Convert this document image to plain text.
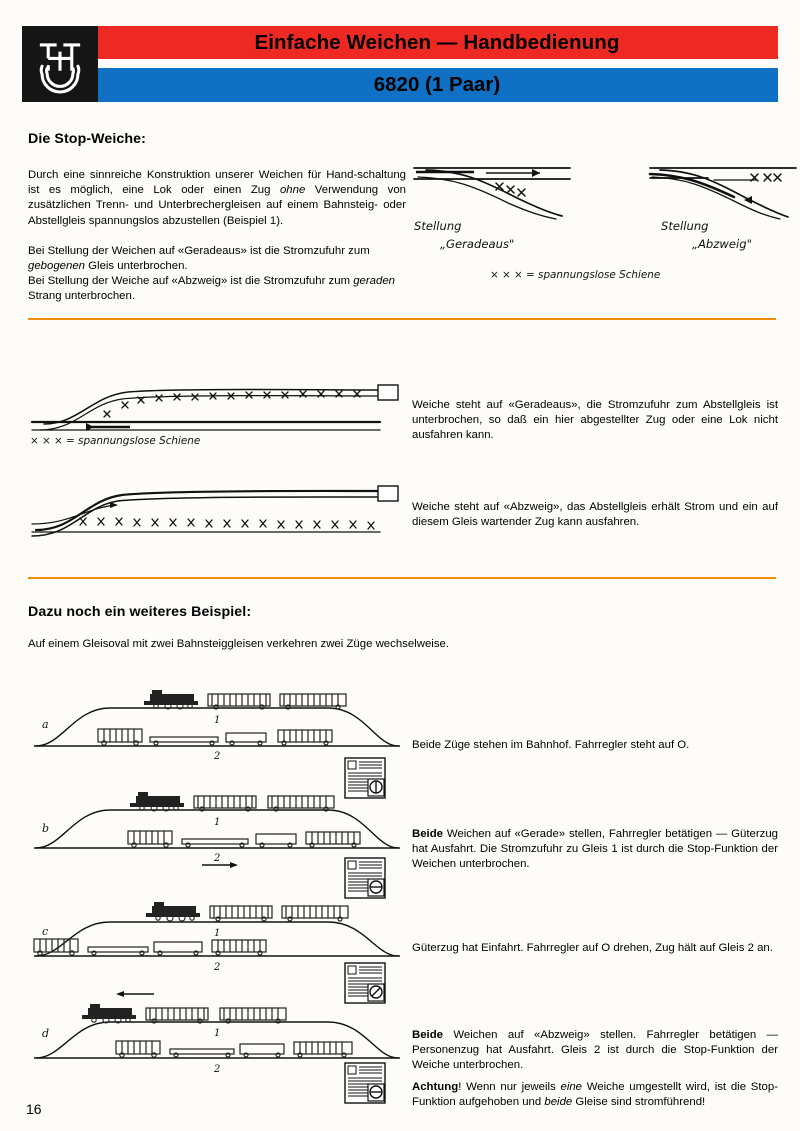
Einfache Weichen — Handbedienung
6820 (1 Paar)
Die Stop-Weiche:
Durch eine sinnreiche Konstruktion unserer Weichen für Hand-schaltung ist es möglich, eine Lok oder einen Zug ohne Verwendung von zusätzlichen Trenn- und Unterbrechergleisen auf einem Bahnsteig- oder Abstellgleis spannungslos abzustellen (Beispiel 1).
Bei Stellung der Weichen auf «Geradeaus» ist die Stromzufuhr zum gebogenen Gleis unterbrochen.
Bei Stellung der Weiche auf «Abzweig» ist die Stromzufuhr zum geraden Strang unterbrochen.
Stellung
„Geradeaus"
Stellung
„Abzweig"
× × × = spannungslose Schiene
× × × = spannungslose Schiene
Weiche steht auf «Geradeaus», die Stromzufuhr zum Abstellgleis ist unterbrochen, so daß ein hier abgestellter Zug oder eine Lok nicht ausfahren kann.
Weiche steht auf «Abzweig», das Abstellgleis erhält Strom und ein auf diesem Gleis wartender Zug kann ausfahren.
Dazu noch ein weiteres Beispiel:
Auf einem Gleisoval mit zwei Bahnsteiggleisen verkehren zwei Züge wechselweise.
a	1
2
Beide Züge stehen im Bahnhof. Fahrregler steht auf O.
b	1
2
Beide Weichen auf «Gerade» stellen, Fahrregler betätigen — Güterzug hat Ausfahrt. Die Stromzufuhr zu Gleis 1 ist durch die Stop-Funktion der Weichen unterbrochen.
c	1
2
Güterzug hat Einfahrt. Fahrregler auf O drehen, Zug hält auf Gleis 2 an.
d	1
2
Beide Weichen auf «Abzweig» stellen. Fahrregler betätigen — Personenzug hat Ausfahrt. Gleis 2 ist durch die Stop-Funktion der Weiche unterbrochen.
Achtung! Wenn nur jeweils eine Weiche umgestellt wird, ist die Stop-Funktion aufgehoben und beide Gleise sind stromführend!
16
